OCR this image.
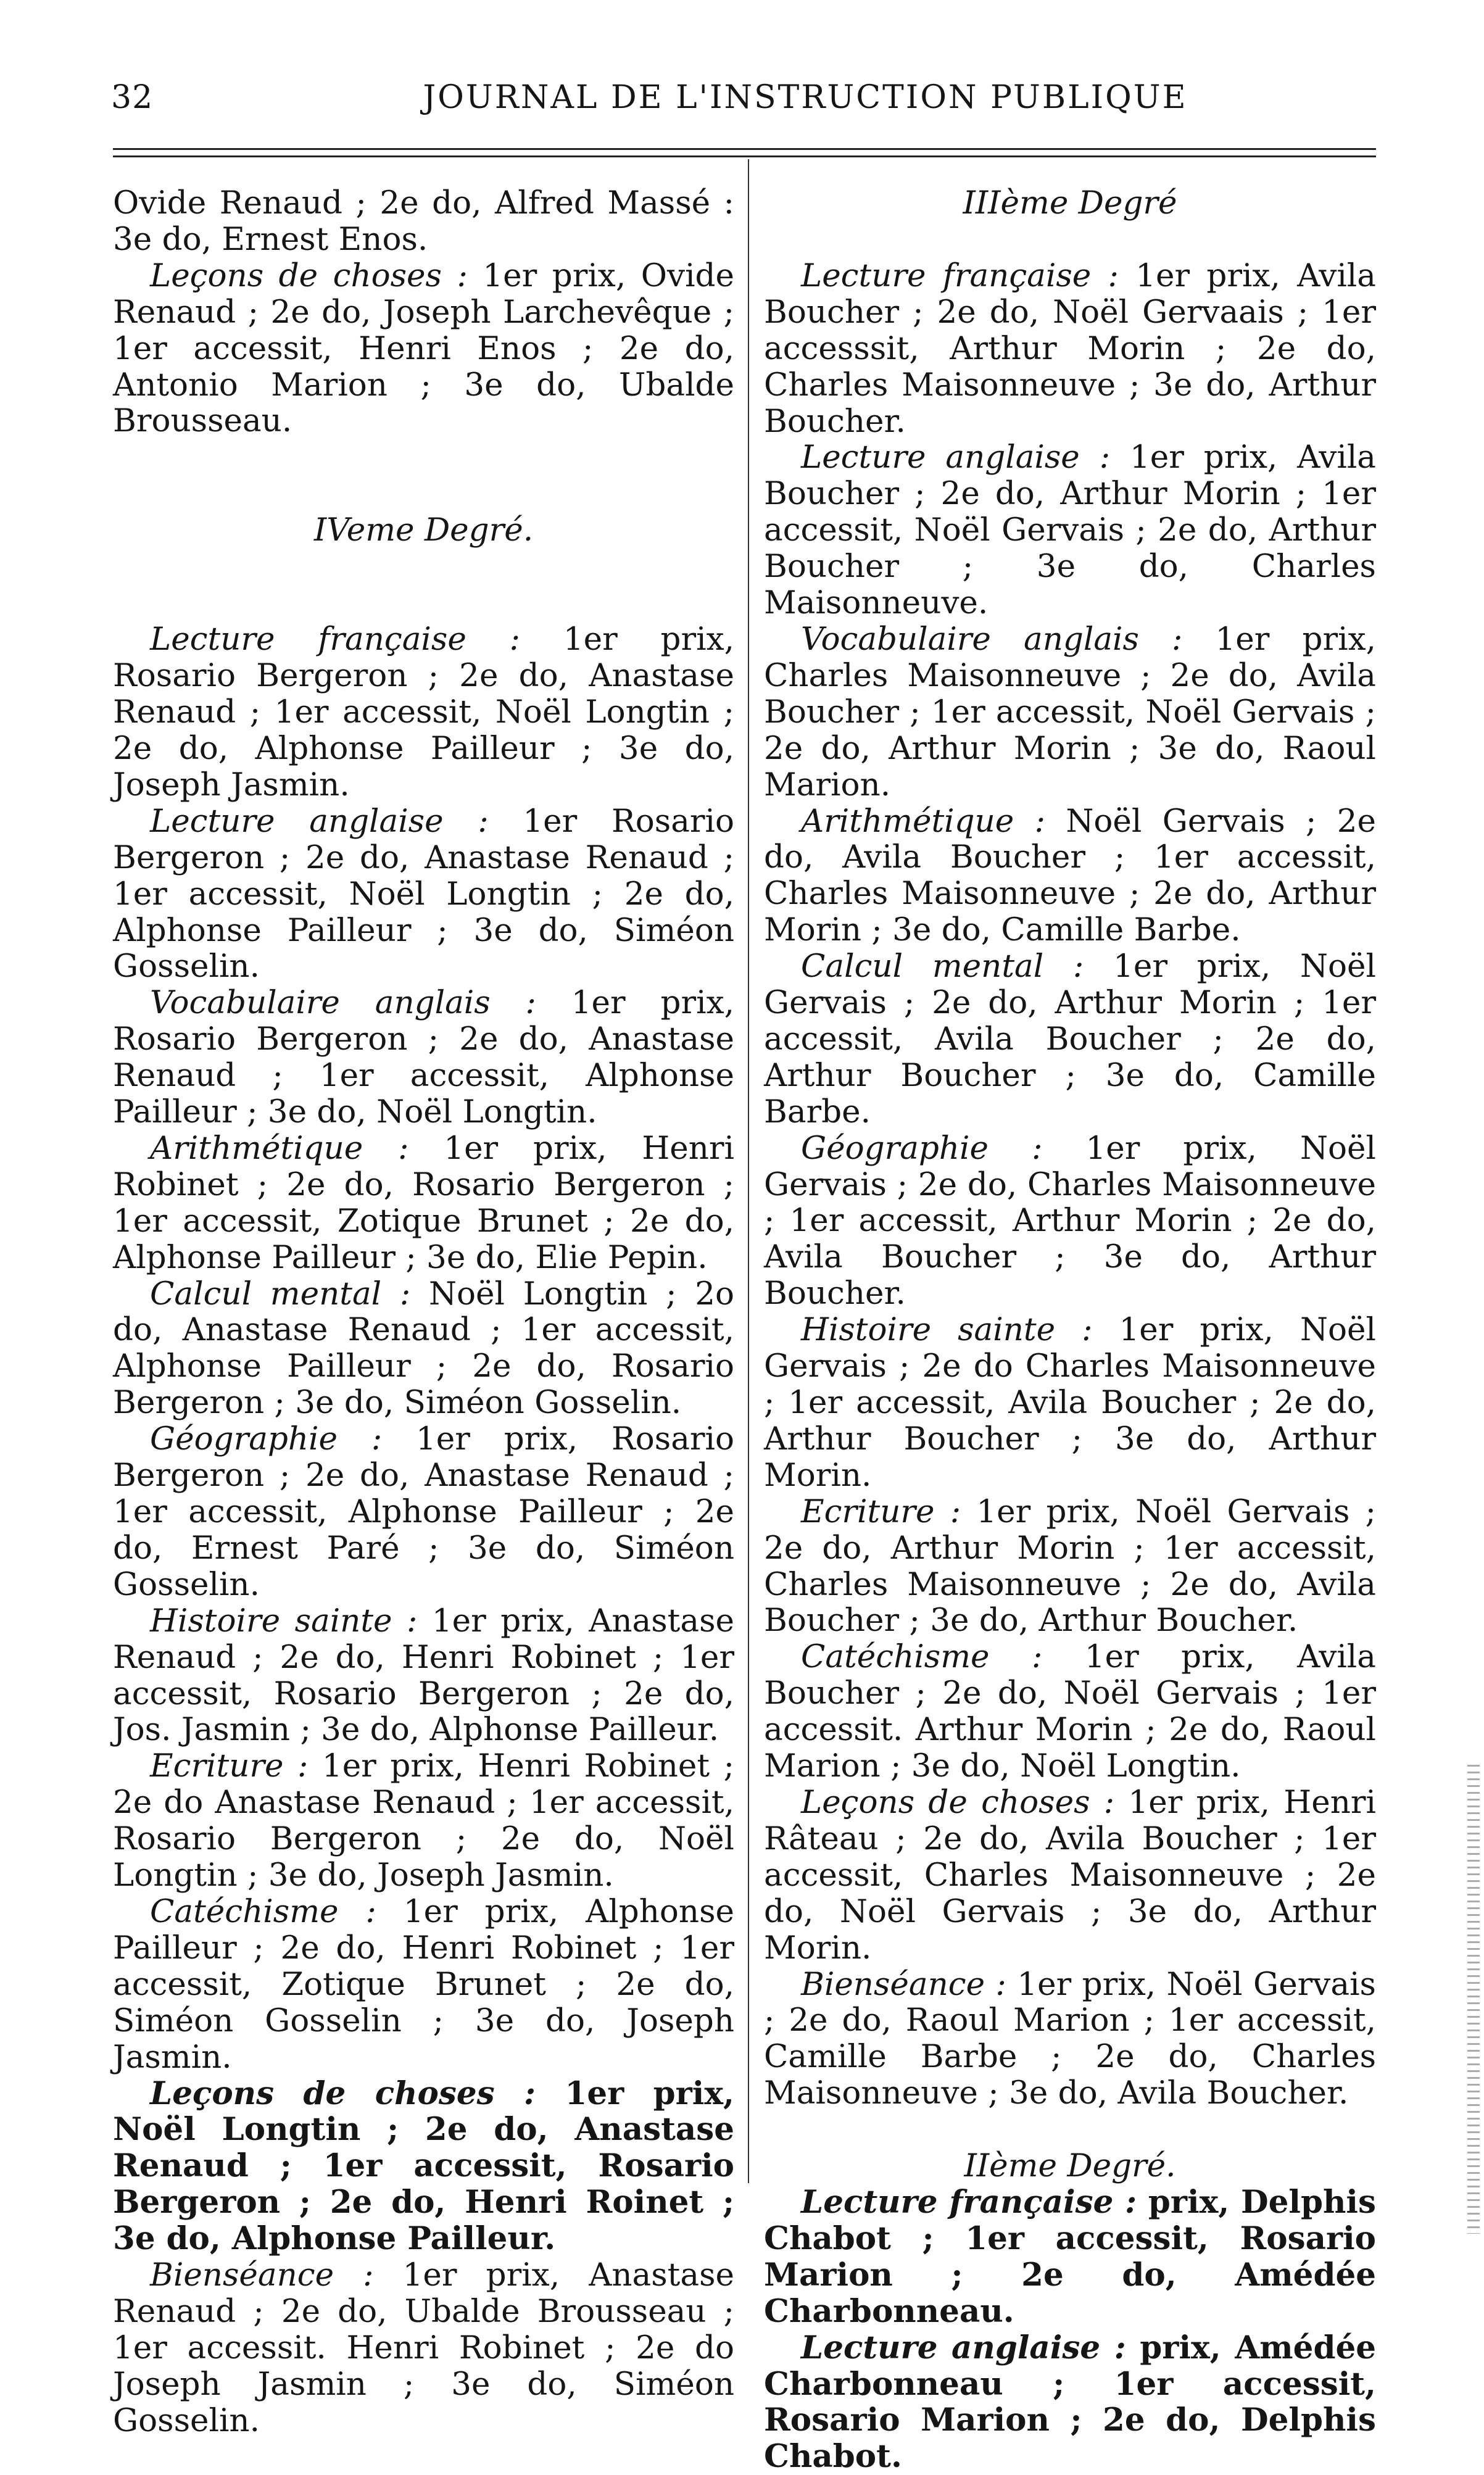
32	JOURNAL DE L'INSTRUCTION PUBLIQUE

Ovide Renaud ; 2e do, Alfred Massé : 3e do, Ernest Enos.

Leçons de choses : 1er prix, Ovide Renaud ; 2e do, Joseph Larchevêque ; 1er accessit, Henri Enos ; 2e do, Antonio Marion ; 3e do, Ubalde Brousseau.

IVeme Degré.

Lecture française : 1er prix, Rosario Bergeron ; 2e do, Anastase Renaud ; 1er accessit, Noël Longtin ; 2e do, Alphonse Pailleur ; 3e do, Joseph Jasmin.

Lecture anglaise : 1er Rosario Bergeron ; 2e do, Anastase Renaud ; 1er accessit, Noël Longtin ; 2e do, Alphonse Pailleur ; 3e do, Siméon Gosselin.

Vocabulaire anglais : 1er prix, Rosario Bergeron ; 2e do, Anastase Renaud ; 1er accessit, Alphonse Pailleur ; 3e do, Noël Longtin.

Arithmétique : 1er prix, Henri Robinet ; 2e do, Rosario Bergeron ; 1er accessit, Zotique Brunet ; 2e do, Alphonse Pailleur ; 3e do, Elie Pepin.

Calcul mental : Noël Longtin ; 2o do, Anastase Renaud ; 1er accessit, Alphonse Pailleur ; 2e do, Rosario Bergeron ; 3e do, Siméon Gosselin.

Géographie : 1er prix, Rosario Bergeron ; 2e do, Anastase Renaud ; 1er accessit, Alphonse Pailleur ; 2e do, Ernest Paré ; 3e do, Siméon Gosselin.

Histoire sainte : 1er prix, Anastase Renaud ; 2e do, Henri Robinet ; 1er accessit, Rosario Bergeron ; 2e do, Jos. Jasmin ; 3e do, Alphonse Pailleur.

Ecriture : 1er prix, Henri Robinet ; 2e do Anastase Renaud ; 1er accessit, Rosario Bergeron ; 2e do, Noël Longtin ; 3e do, Joseph Jasmin.

Catéchisme : 1er prix, Alphonse Pailleur ; 2e do, Henri Robinet ; 1er accessit, Zotique Brunet ; 2e do, Siméon Gosselin ; 3e do, Joseph Jasmin.

Leçons de choses : 1er prix, Noël Longtin ; 2e do, Anastase Renaud ; 1er accessit, Rosario Bergeron ; 2e do, Henri Roinet ; 3e do, Alphonse Pailleur.

Bienséance : 1er prix, Anastase Renaud ; 2e do, Ubalde Brousseau ; 1er accessit. Henri Robinet ; 2e do Joseph Jasmin ; 3e do, Siméon Gosselin.

IIIème Degré

Lecture française : 1er prix, Avila Boucher ; 2e do, Noël Gervaais ; 1er accesssit, Arthur Morin ; 2e do, Charles Maisonneuve ; 3e do, Arthur Boucher.

Lecture anglaise : 1er prix, Avila Boucher ; 2e do, Arthur Morin ; 1er accessit, Noël Gervais ; 2e do, Arthur Boucher ; 3e do, Charles Maisonneuve.

Vocabulaire anglais : 1er prix, Charles Maisonneuve ; 2e do, Avila Boucher ; 1er accessit, Noël Gervais ; 2e do, Arthur Morin ; 3e do, Raoul Marion.

Arithmétique : Noël Gervais ; 2e do, Avila Boucher ; 1er accessit, Charles Maisonneuve ; 2e do, Arthur Morin ; 3e do, Camille Barbe.

Calcul mental : 1er prix, Noël Gervais ; 2e do, Arthur Morin ; 1er accessit, Avila Boucher ; 2e do, Arthur Boucher ; 3e do, Camille Barbe.

Géographie : 1er prix, Noël Gervais ; 2e do, Charles Maisonneuve ; 1er accessit, Arthur Morin ; 2e do, Avila Boucher ; 3e do, Arthur Boucher.

Histoire sainte : 1er prix, Noël Gervais ; 2e do Charles Maisonneuve ; 1er accessit, Avila Boucher ; 2e do, Arthur Boucher ; 3e do, Arthur Morin.

Ecriture : 1er prix, Noël Gervais ; 2e do, Arthur Morin ; 1er accessit, Charles Maisonneuve ; 2e do, Avila Boucher ; 3e do, Arthur Boucher.

Catéchisme : 1er prix, Avila Boucher ; 2e do, Noël Gervais ; 1er accessit. Arthur Morin ; 2e do, Raoul Marion ; 3e do, Noël Longtin.

Leçons de choses : 1er prix, Henri Râteau ; 2e do, Avila Boucher ; 1er accessit, Charles Maisonneuve ; 2e do, Noël Gervais ; 3e do, Arthur Morin.

Bienséance : 1er prix, Noël Gervais ; 2e do, Raoul Marion ; 1er accessit, Camille Barbe ; 2e do, Charles Maisonneuve ; 3e do, Avila Boucher.

IIème Degré.

Lecture française : prix, Delphis Chabot ; 1er accessit, Rosario Marion ; 2e do, Amédée Charbonneau.

Lecture anglaise : prix, Amédée Charbonneau ; 1er accessit, Rosario Marion ; 2e do, Delphis Chabot.
